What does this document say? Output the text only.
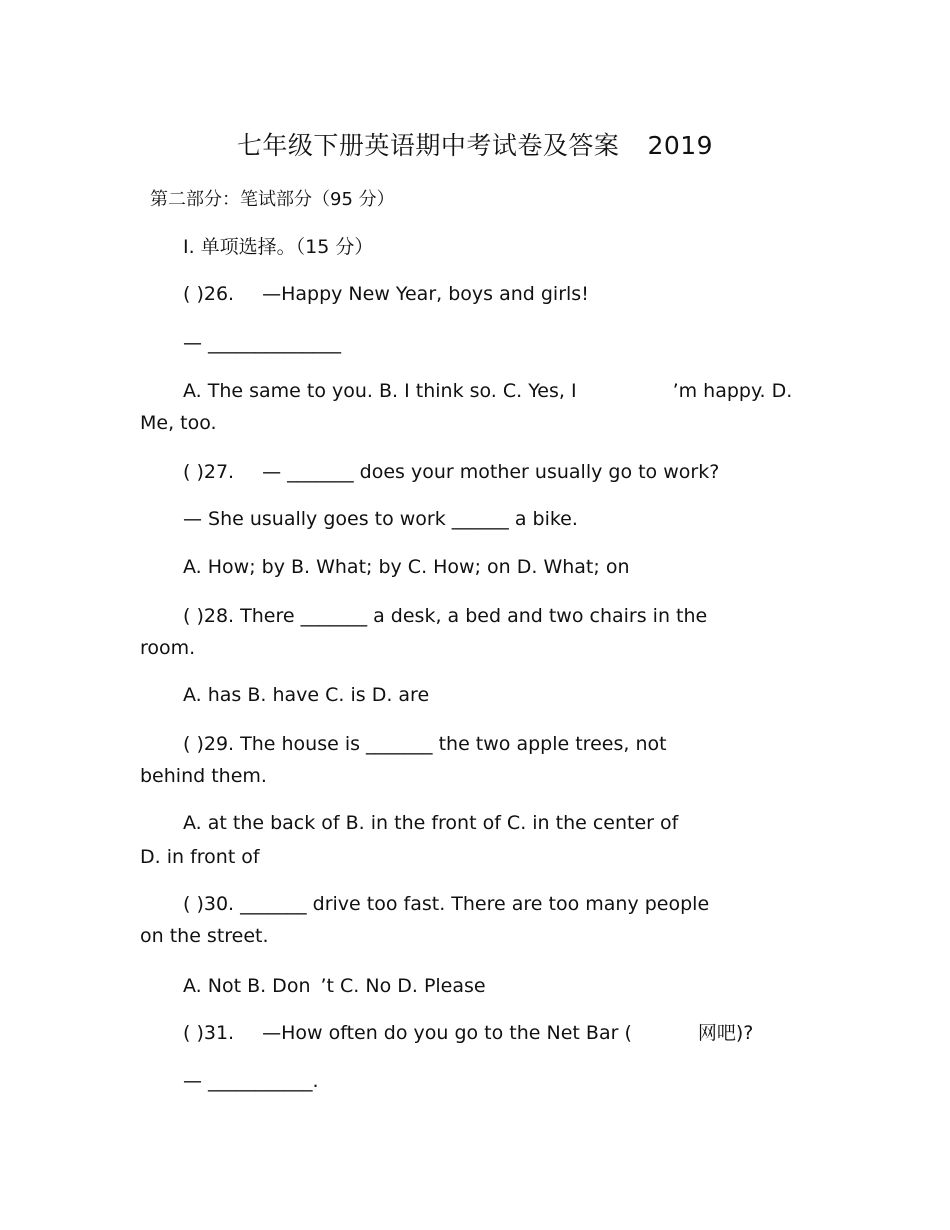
七年级下册英语期中考试卷及答案 2019
第二部分：笔试部分（95 分）
I. 单项选择。（15 分）
( )26. —Happy New Year, boys and girls!
— ______________
A. The same to you. B. I think so. C. Yes, I	’m happy. D.
Me, too.
( )27. — _______ does your mother usually go to work?
— She usually goes to work ______ a bike.
A. How; by B. What; by C. How; on D. What; on
( )28. There _______ a desk, a bed and two chairs in the
room.
A. has B. have C. is D. are
( )29. The house is _______ the two apple trees, not
behind them.
A. at the back of B. in the front of C. in the center of
D. in front of
( )30. _______ drive too fast. There are too many people
on the street.
A. Not B. Don ’t C. No D. Please
( )31. —How often do you go to the Net Bar (	网吧)?
— ___________.
